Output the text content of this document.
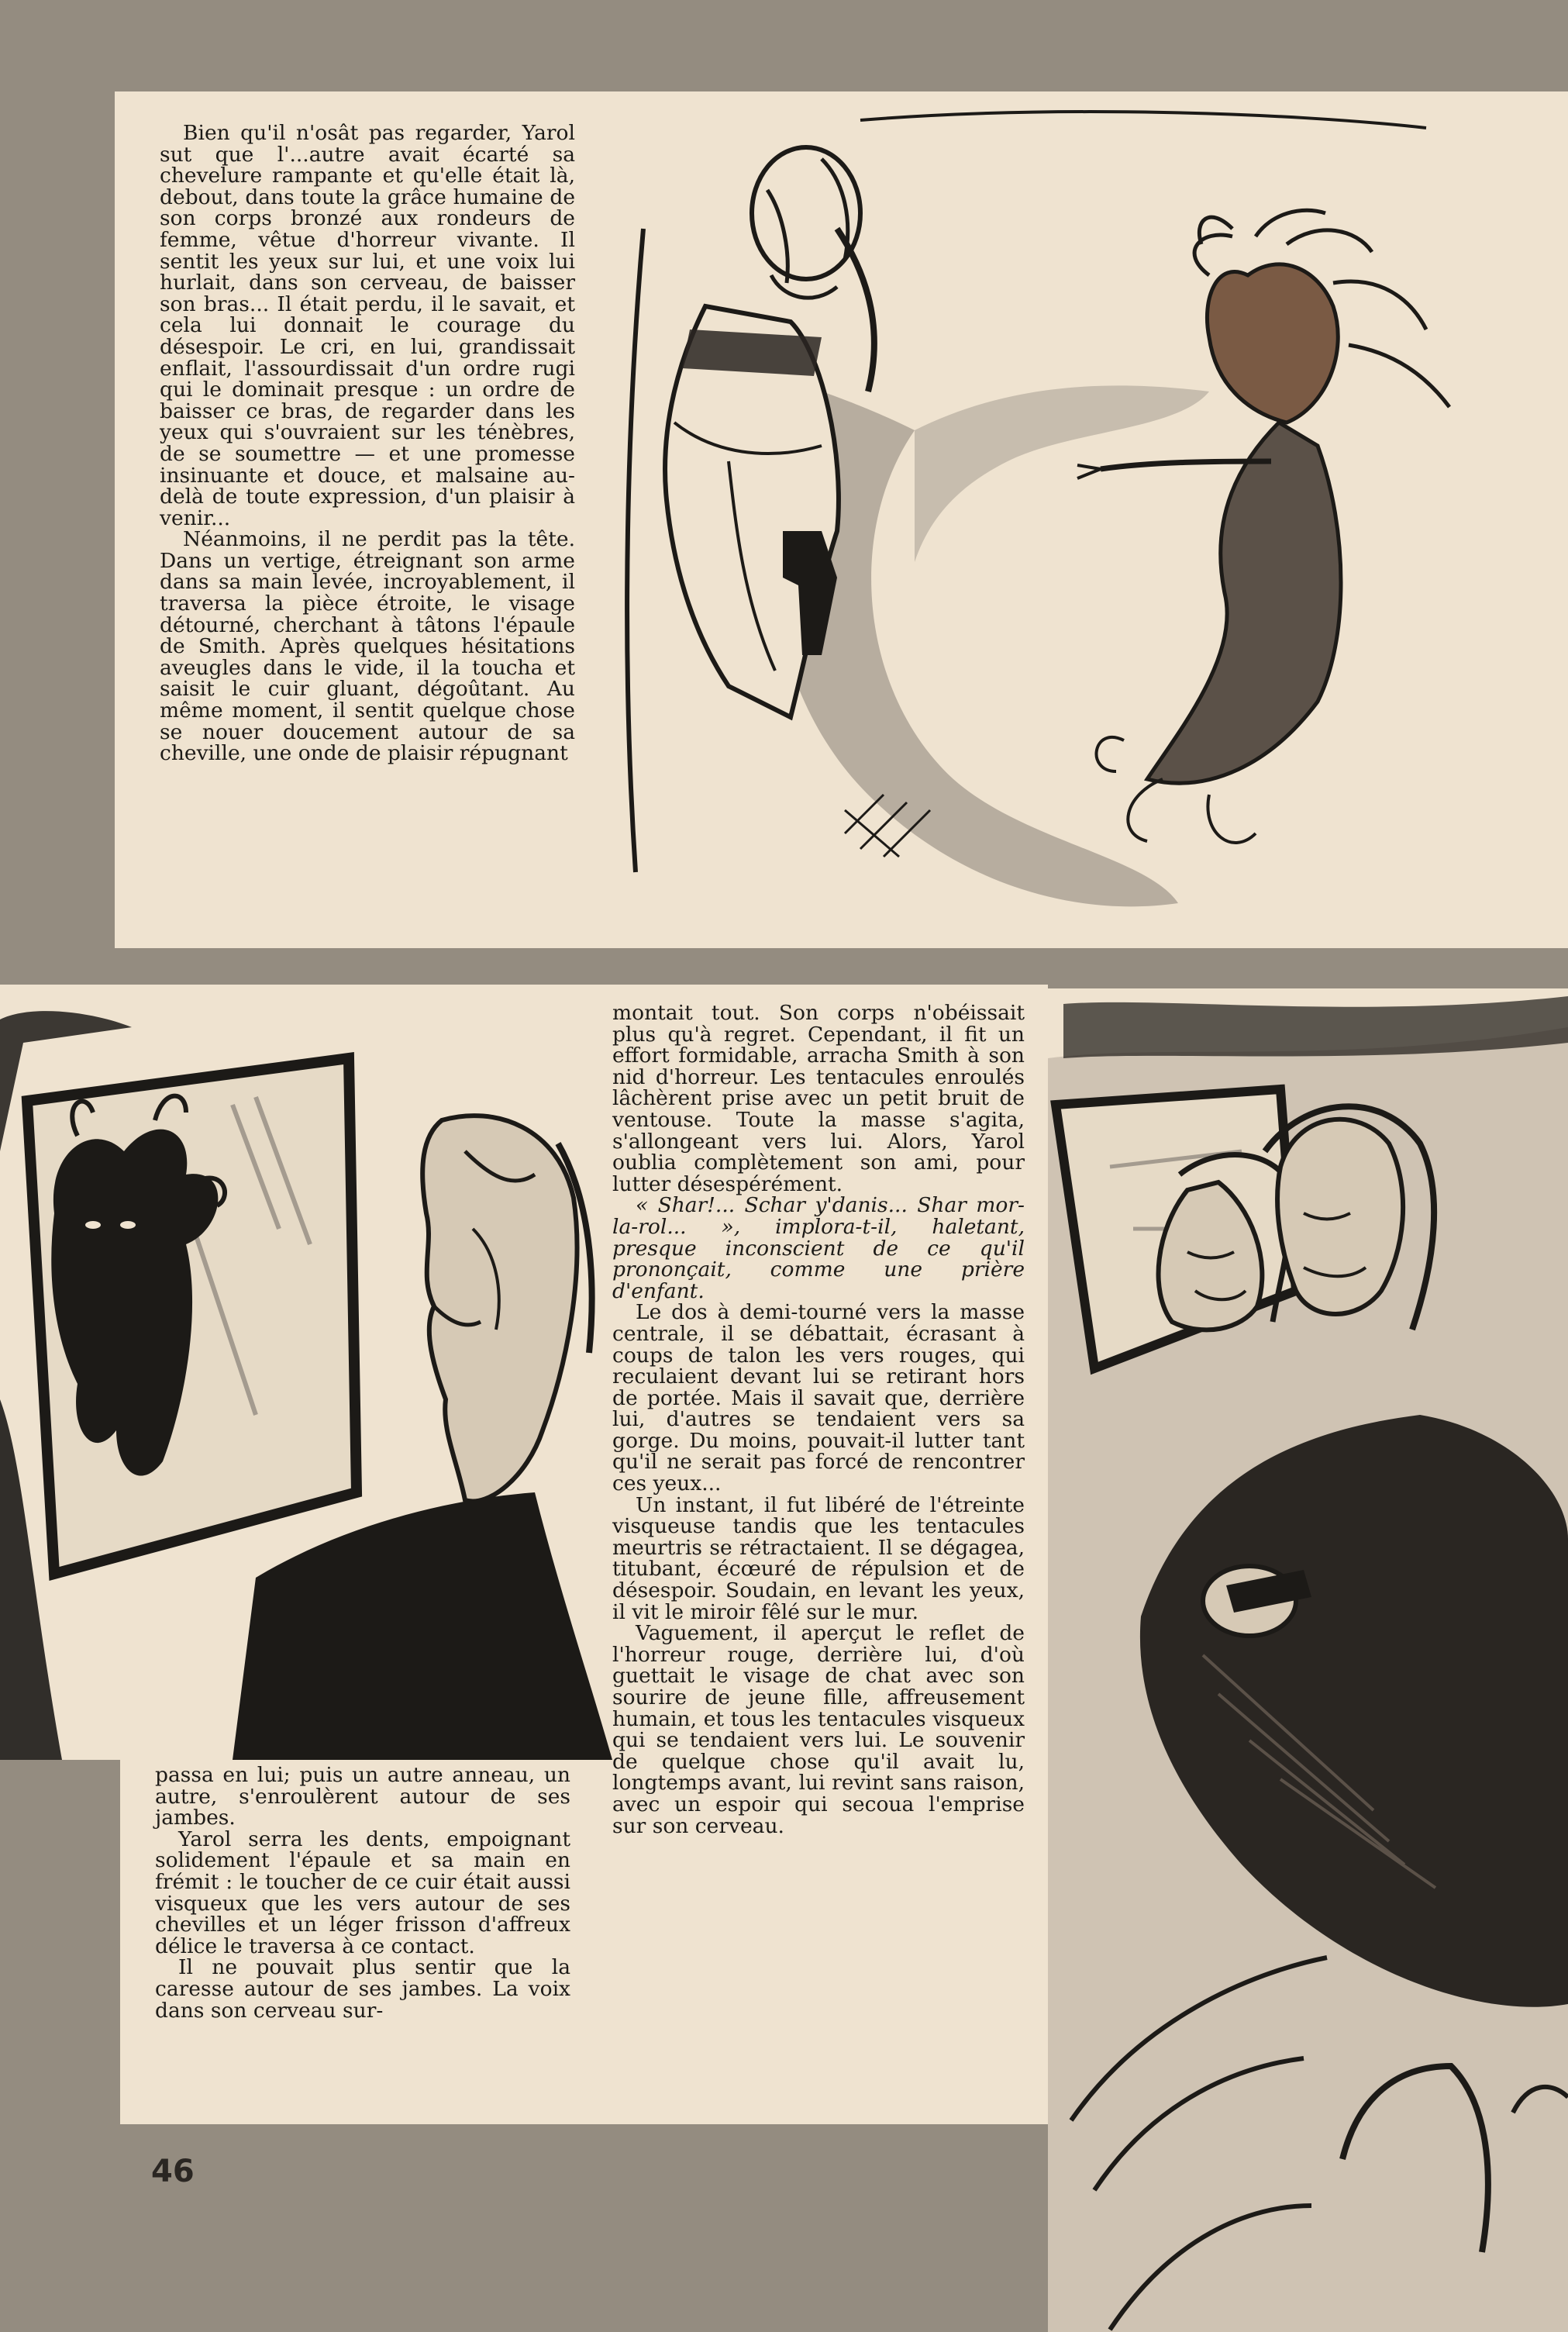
Bien qu'il n'osât pas regarder, Yarol sut que l'...autre avait écarté sa chevelure rampante et qu'elle était là, debout, dans toute la grâce humaine de son corps bronzé aux rondeurs de femme, vêtue d'horreur vivante. Il sentit les yeux sur lui, et une voix lui hurlait, dans son cerveau, de baisser son bras... Il était perdu, il le savait, et cela lui donnait le courage du désespoir. Le cri, en lui, grandissait enflait, l'assourdissait d'un ordre rugi qui le dominait presque : un ordre de baisser ce bras, de regarder dans les yeux qui s'ouvraient sur les ténèbres, de se soumettre — et une promesse insinuante et douce, et malsaine au-delà de toute expression, d'un plaisir à venir...

Néanmoins, il ne perdit pas la tête. Dans un vertige, étreignant son arme dans sa main levée, incroyablement, il traversa la pièce étroite, le visage détourné, cherchant à tâtons l'épaule de Smith. Après quelques hésitations aveugles dans le vide, il la toucha et saisit le cuir gluant, dégoûtant. Au même moment, il sentit quelque chose se nouer doucement autour de sa cheville, une onde de plaisir répugnant

passa en lui; puis un autre anneau, un autre, s'enroulèrent autour de ses jambes.

Yarol serra les dents, empoignant solidement l'épaule et sa main en frémit : le toucher de ce cuir était aussi visqueux que les vers autour de ses chevilles et un léger frisson d'affreux délice le traversa à ce contact.

Il ne pouvait plus sentir que la caresse autour de ses jambes. La voix dans son cerveau sur-

montait tout. Son corps n'obéissait plus qu'à regret. Cependant, il fit un effort formidable, arracha Smith à son nid d'horreur. Les tentacules enroulés lâchèrent prise avec un petit bruit de ventouse. Toute la masse s'agita, s'allongeant vers lui. Alors, Yarol oublia complètement son ami, pour lutter désespérément.

« Shar!... Schar y'danis... Shar mor-la-rol... », implora-t-il, haletant, presque inconscient de ce qu'il prononçait, comme une prière d'enfant.

Le dos à demi-tourné vers la masse centrale, il se débattait, écrasant à coups de talon les vers rouges, qui reculaient devant lui se retirant hors de portée. Mais il savait que, derrière lui, d'autres se tendaient vers sa gorge. Du moins, pouvait-il lutter tant qu'il ne serait pas forcé de rencontrer ces yeux...

Un instant, il fut libéré de l'étreinte visqueuse tandis que les tentacules meurtris se rétractaient. Il se dégagea, titubant, écœuré de répulsion et de désespoir. Soudain, en levant les yeux, il vit le miroir fêlé sur le mur.

Vaguement, il aperçut le reflet de l'horreur rouge, derrière lui, d'où guettait le visage de chat avec son sourire de jeune fille, affreusement humain, et tous les tentacules visqueux qui se tendaient vers lui. Le souvenir de quelque chose qu'il avait lu, longtemps avant, lui revint sans raison, avec un espoir qui secoua l'emprise sur son cerveau.

46
